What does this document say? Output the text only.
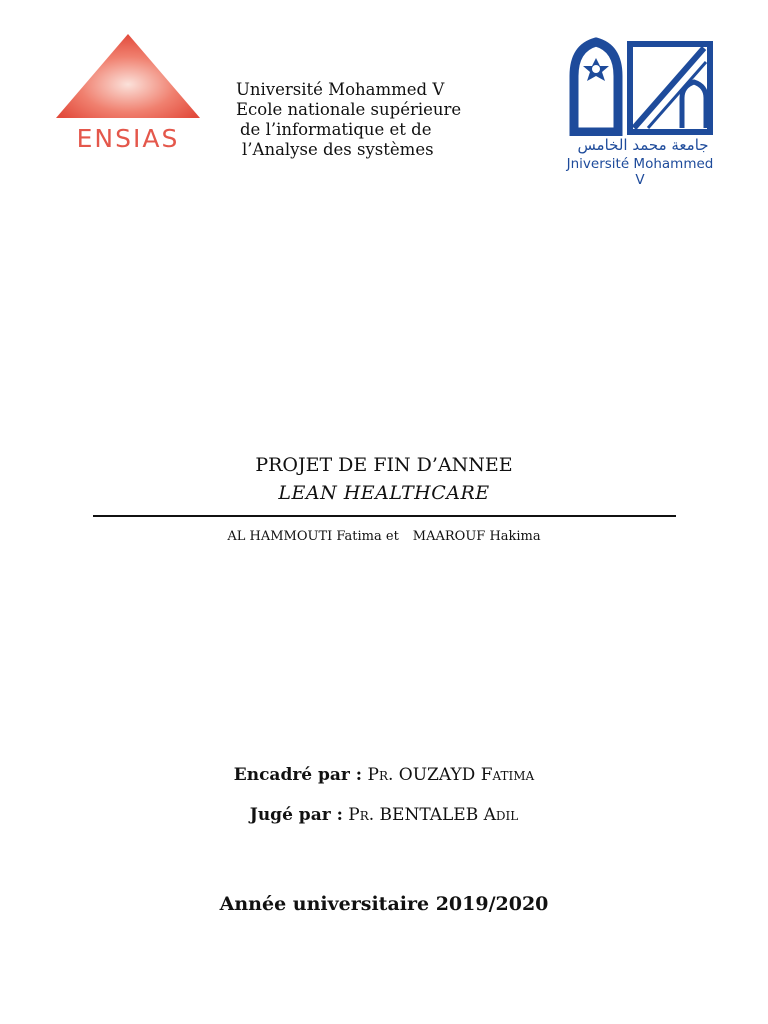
ENSIAS
Université Mohammed V
Ecole nationale supérieure
de l’informatique et de
l’Analyse des systèmes	جامعة محمد الخامس
Jniversité Mohammed V
PROJET DE FIN D’ANNEE
LEAN HEALTHCARE
AL HAMMOUTI Fatima et MAAROUF Hakima
Encadré par : Pr. OUZAYD Fatima
Jugé par : Pr. BENTALEB Adil
Année universitaire 2019/2020
